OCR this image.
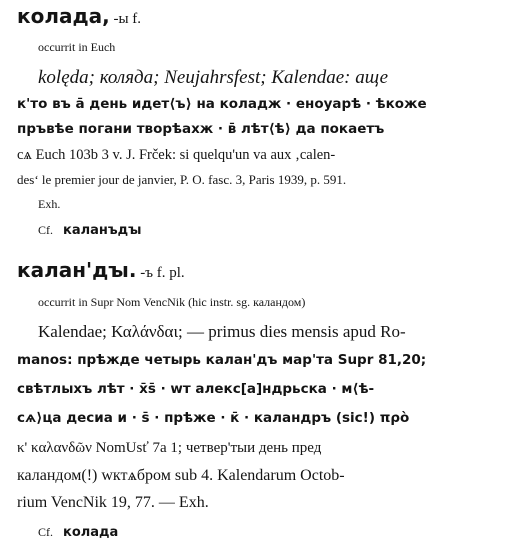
колада, -ы f.
occurrit in Euch
kolęda; коляда; Neujahrsfest; Kalendae: аще
к'то въ а̄ день идет⟨ъ⟩ на коладж · еноуарѣ · ѣкоже
пръвѣе погани творѣахж · в̄ лѣт⟨ѣ⟩ да покаетъ
сѧ Euch 103b 3 v. J. Frček: si quelqu'un va aux ‚calen-
des‘ le premier jour de janvier, P. O. fasc. 3, Paris 1939, p. 591.
Exh.
Cf. каланъдꙑ
калан'дꙑ. -ъ f. pl.
occurrit in Supr Nom VencNik (hic instr. sg. каландом)
Kalendae; Καλάνδαι; — primus dies mensis apud Ro-
manos: прѣжде четырь калан'дъ мар'та Supr 81,20;
свѣтлыхъ лѣт · х̄ѕ̄ · wт алекс[а]ндрьска · м⟨ѣ-
сѧ⟩ца десиа и · ѕ̄ · прѣже · к̄ · каландръ (sic!) πρὸ
κ' καλανδῶν NomUsť 7a 1; четвер'тыи день пред
каландом(!) wктѧбром sub 4. Kalendarum Octob-
rium VencNik 19, 77. — Exh.
Cf. колада
